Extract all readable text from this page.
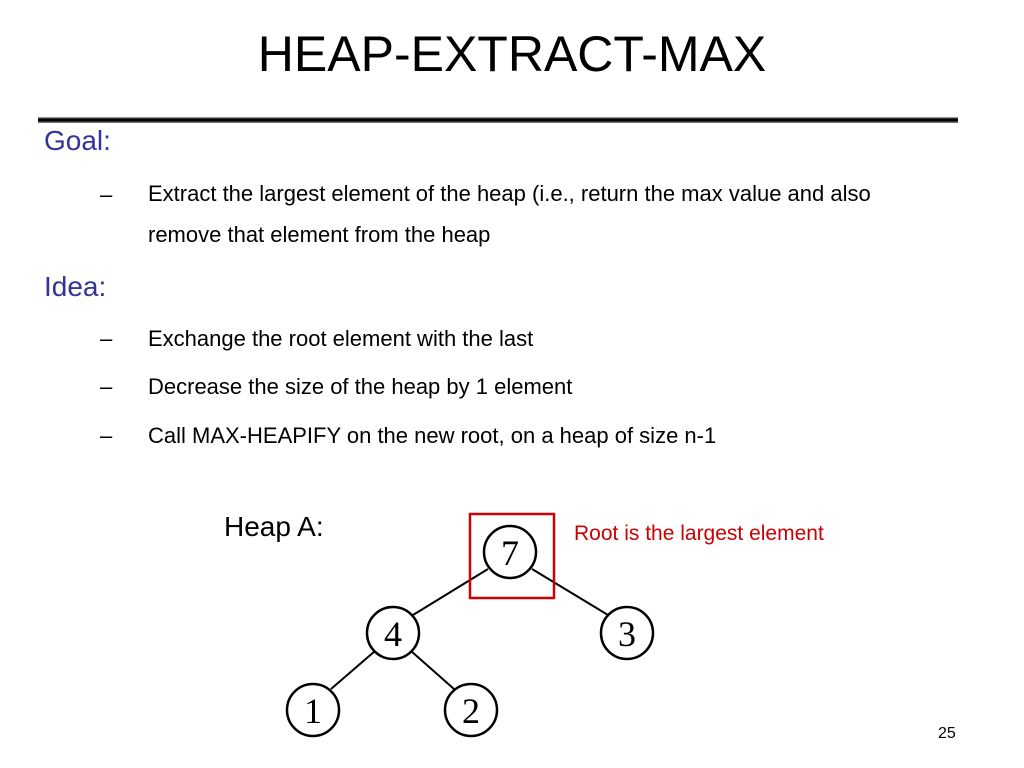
HEAP-EXTRACT-MAX
Goal:
– Extract the largest element of the heap (i.e., return the max value and also remove that element from the heap
Idea:
– Exchange the root element with the last
– Decrease the size of the heap by 1 element
– Call MAX-HEAPIFY on the new root, on a heap of size n-1
Heap A:	Root is the largest element
7
4	3
1	2
25
